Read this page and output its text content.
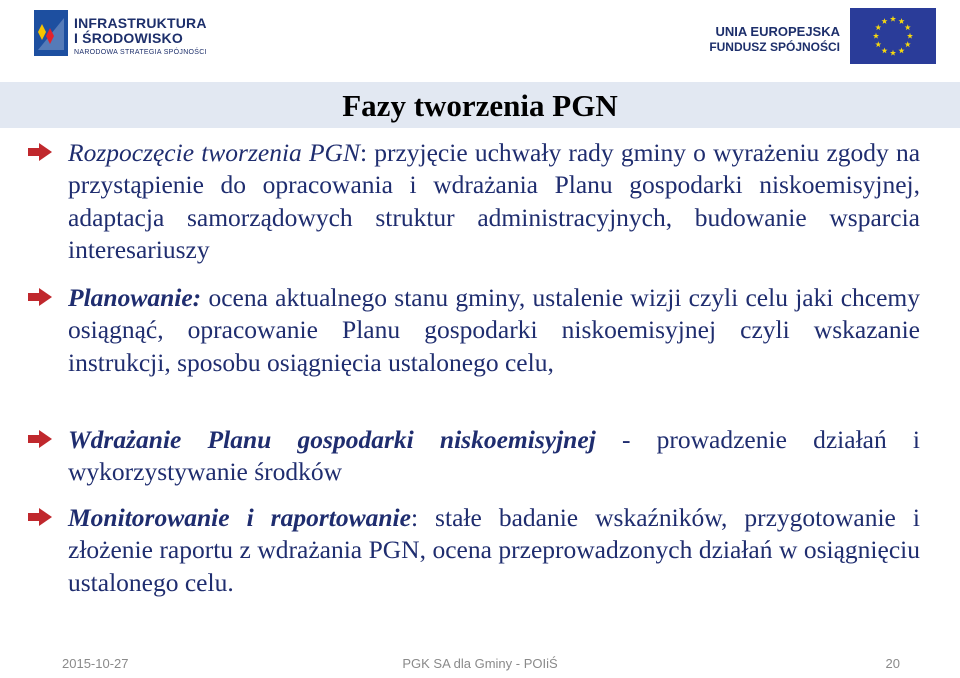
INFRASTRUKTURA
I ŚRODOWISKO
NARODOWA STRATEGIA SPÓJNOŚCI
UNIA EUROPEJSKA
FUNDUSZ SPÓJNOŚCI
Fazy tworzenia PGN

Rozpoczęcie tworzenia PGN: przyjęcie uchwały rady gminy o wyrażeniu zgody na przystąpienie do opracowania i wdrażania Planu gospodarki niskoemisyjnej, adaptacja samorządowych struktur administracyjnych, budowanie wsparcia interesariuszy

Planowanie: ocena aktualnego stanu gminy, ustalenie wizji czyli celu jaki chcemy osiągnąć, opracowanie Planu gospodarki niskoemisyjnej czyli wskazanie instrukcji, sposobu osiągnięcia ustalonego celu,

Wdrażanie Planu gospodarki niskoemisyjnej - prowadzenie działań i wykorzystywanie środków

Monitorowanie i raportowanie: stałe badanie wskaźników, przygotowanie i złożenie raportu z wdrażania PGN, ocena przeprowadzonych działań w osiągnięciu ustalonego celu.

2015-10-27	PGK SA dla Gminy - POIiŚ	20
